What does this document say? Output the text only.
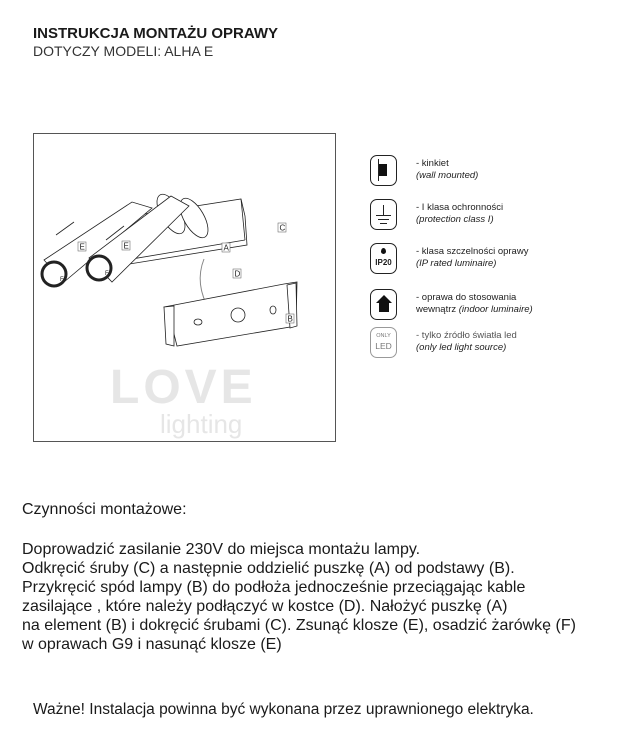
INSTRUKCJA MONTAŻU OPRAWY
DOTYCZY MODELI: ALHA E
E	E
F
F
A
C
D
B
LOVE
lighting
- kinkiet
(wall mounted)
- I klasa ochronności
(protection class I)
IP20
- klasa szczelności oprawy
(IP rated luminaire)
- oprawa do stosowania
wewnątrz (indoor luminaire)
ONLY
LED
- tylko źródło światła led
(only led light source)
Czynności montażowe:
Doprowadzić zasilanie 230V do miejsca montażu lampy.
Odkręcić śruby (C) a następnie oddzielić puszkę (A) od podstawy (B).
Przykręcić spód lampy (B) do podłoża jednocześnie przeciągając kable
zasilające , które należy podłączyć w kostce (D). Nałożyć puszkę (A)
na element (B) i dokręcić śrubami (C). Zsunąć klosze (E), osadzić żarówkę (F)
w oprawach G9 i nasunąć klosze (E)
Ważne! Instalacja powinna być wykonana przez uprawnionego elektryka.
